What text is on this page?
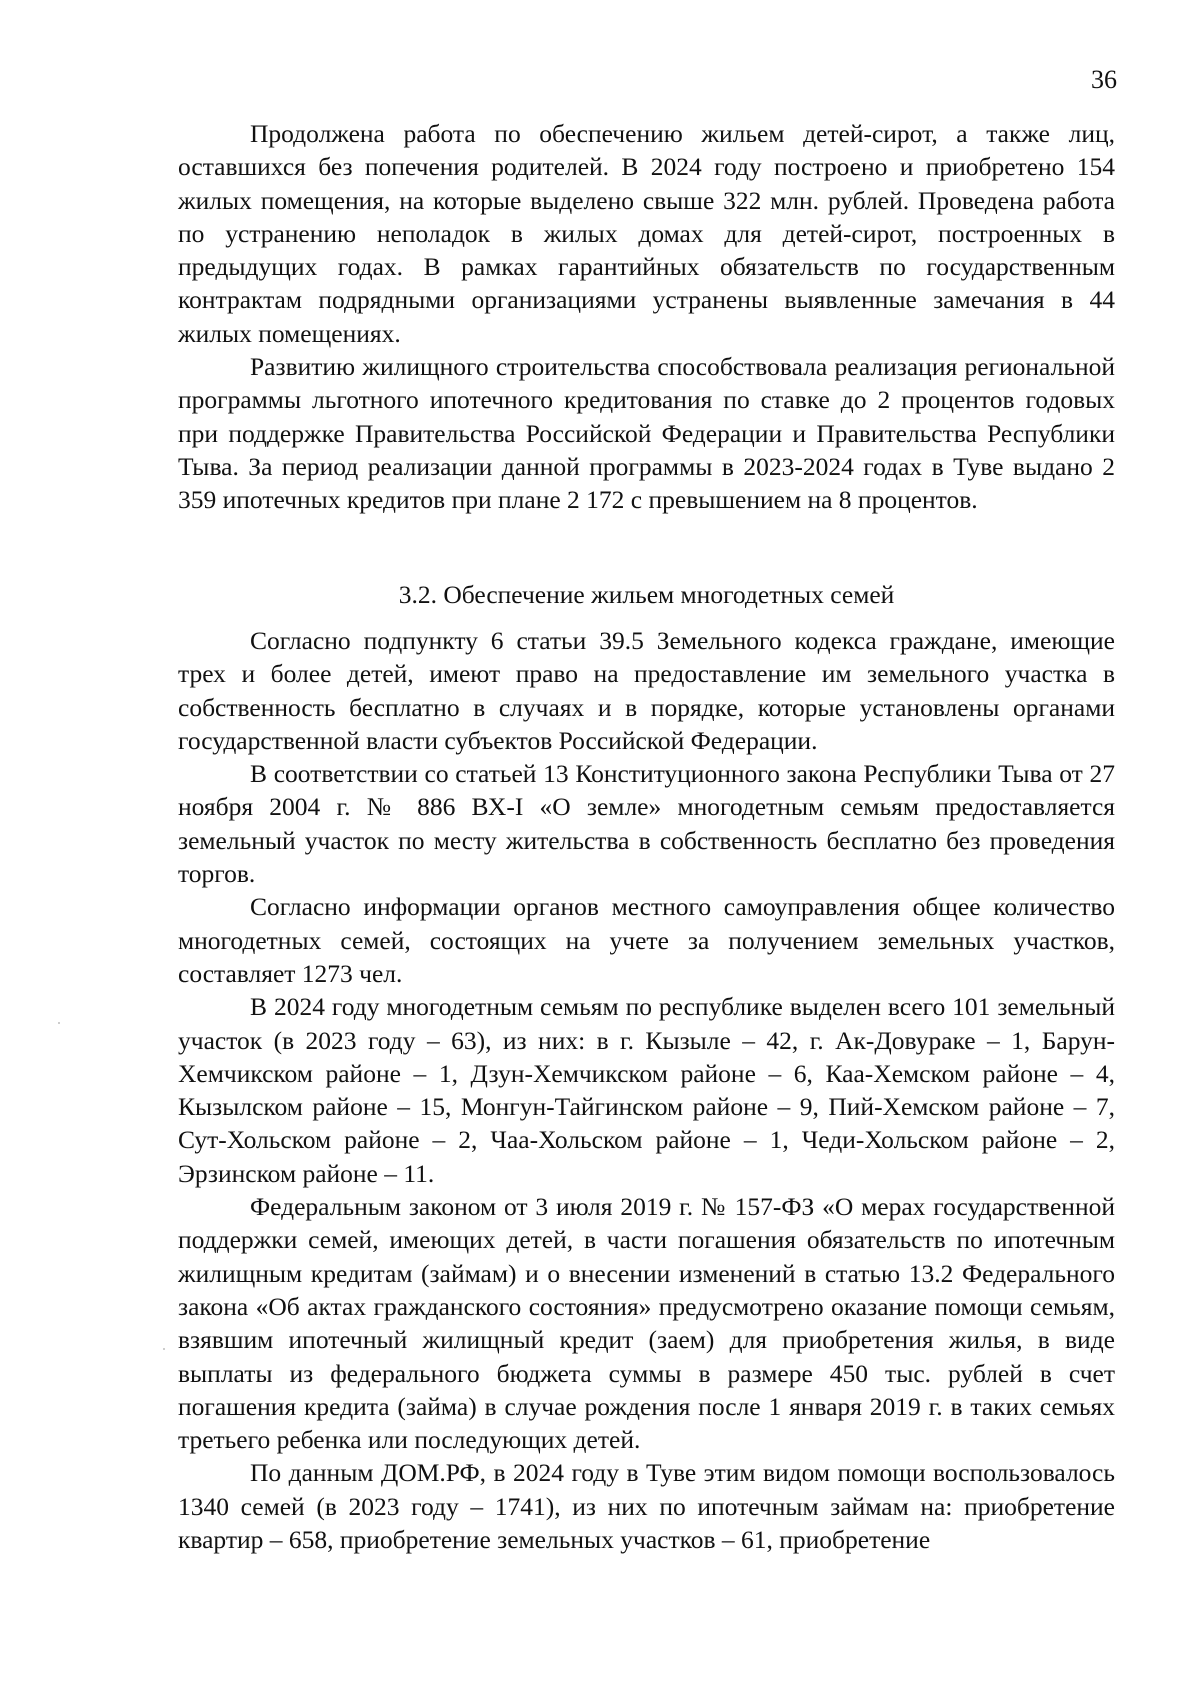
36

Продолжена работа по обеспечению жильем детей-сирот, а также лиц, оставшихся без попечения родителей. В 2024 году построено и приобретено 154 жилых помещения, на которые выделено свыше 322 млн. рублей. Проведена работа по устранению неполадок в жилых домах для детей-сирот, построенных в предыдущих годах. В рамках гарантийных обязательств по государственным контрактам подрядными организациями устранены выявленные замечания в 44 жилых помещениях.

Развитию жилищного строительства способствовала реализация региональной программы льготного ипотечного кредитования по ставке до 2 процентов годовых при поддержке Правительства Российской Федерации и Правительства Республики Тыва. За период реализации данной программы в 2023-2024 годах в Туве выдано 2 359 ипотечных кредитов при плане 2 172 с превышением на 8 процентов.

3.2. Обеспечение жильем многодетных семей

Согласно подпункту 6 статьи 39.5 Земельного кодекса граждане, имеющие трех и более детей, имеют право на предоставление им земельного участка в собственность бесплатно в случаях и в порядке, которые установлены органами государственной власти субъектов Российской Федерации.

В соответствии со статьей 13 Конституционного закона Республики Тыва от 27 ноября 2004 г. № 886 ВХ-I «О земле» многодетным семьям предоставляется земельный участок по месту жительства в собственность бесплатно без проведения торгов.

Согласно информации органов местного самоуправления общее количество многодетных семей, состоящих на учете за получением земельных участков, составляет 1273 чел.

В 2024 году многодетным семьям по республике выделен всего 101 земельный участок (в 2023 году – 63), из них: в г. Кызыле – 42, г. Ак-Довураке – 1, Барун-Хемчикском районе – 1, Дзун-Хемчикском районе – 6, Каа-Хемском районе – 4, Кызылском районе – 15, Монгун-Тайгинском районе – 9, Пий-Хемском районе – 7, Сут-Хольском районе – 2, Чаа-Хольском районе – 1, Чеди-Хольском районе – 2, Эрзинском районе – 11.

Федеральным законом от 3 июля 2019 г. № 157-ФЗ «О мерах государственной поддержки семей, имеющих детей, в части погашения обязательств по ипотечным жилищным кредитам (займам) и о внесении изменений в статью 13.2 Федерального закона «Об актах гражданского состояния» предусмотрено оказание помощи семьям, взявшим ипотечный жилищный кредит (заем) для приобретения жилья, в виде выплаты из федерального бюджета суммы в размере 450 тыс. рублей в счет погашения кредита (займа) в случае рождения после 1 января 2019 г. в таких семьях третьего ребенка или последующих детей.

По данным ДОМ.РФ, в 2024 году в Туве этим видом помощи воспользовалось 1340 семей (в 2023 году – 1741), из них по ипотечным займам на: приобретение квартир – 658, приобретение земельных участков – 61, приобретение
